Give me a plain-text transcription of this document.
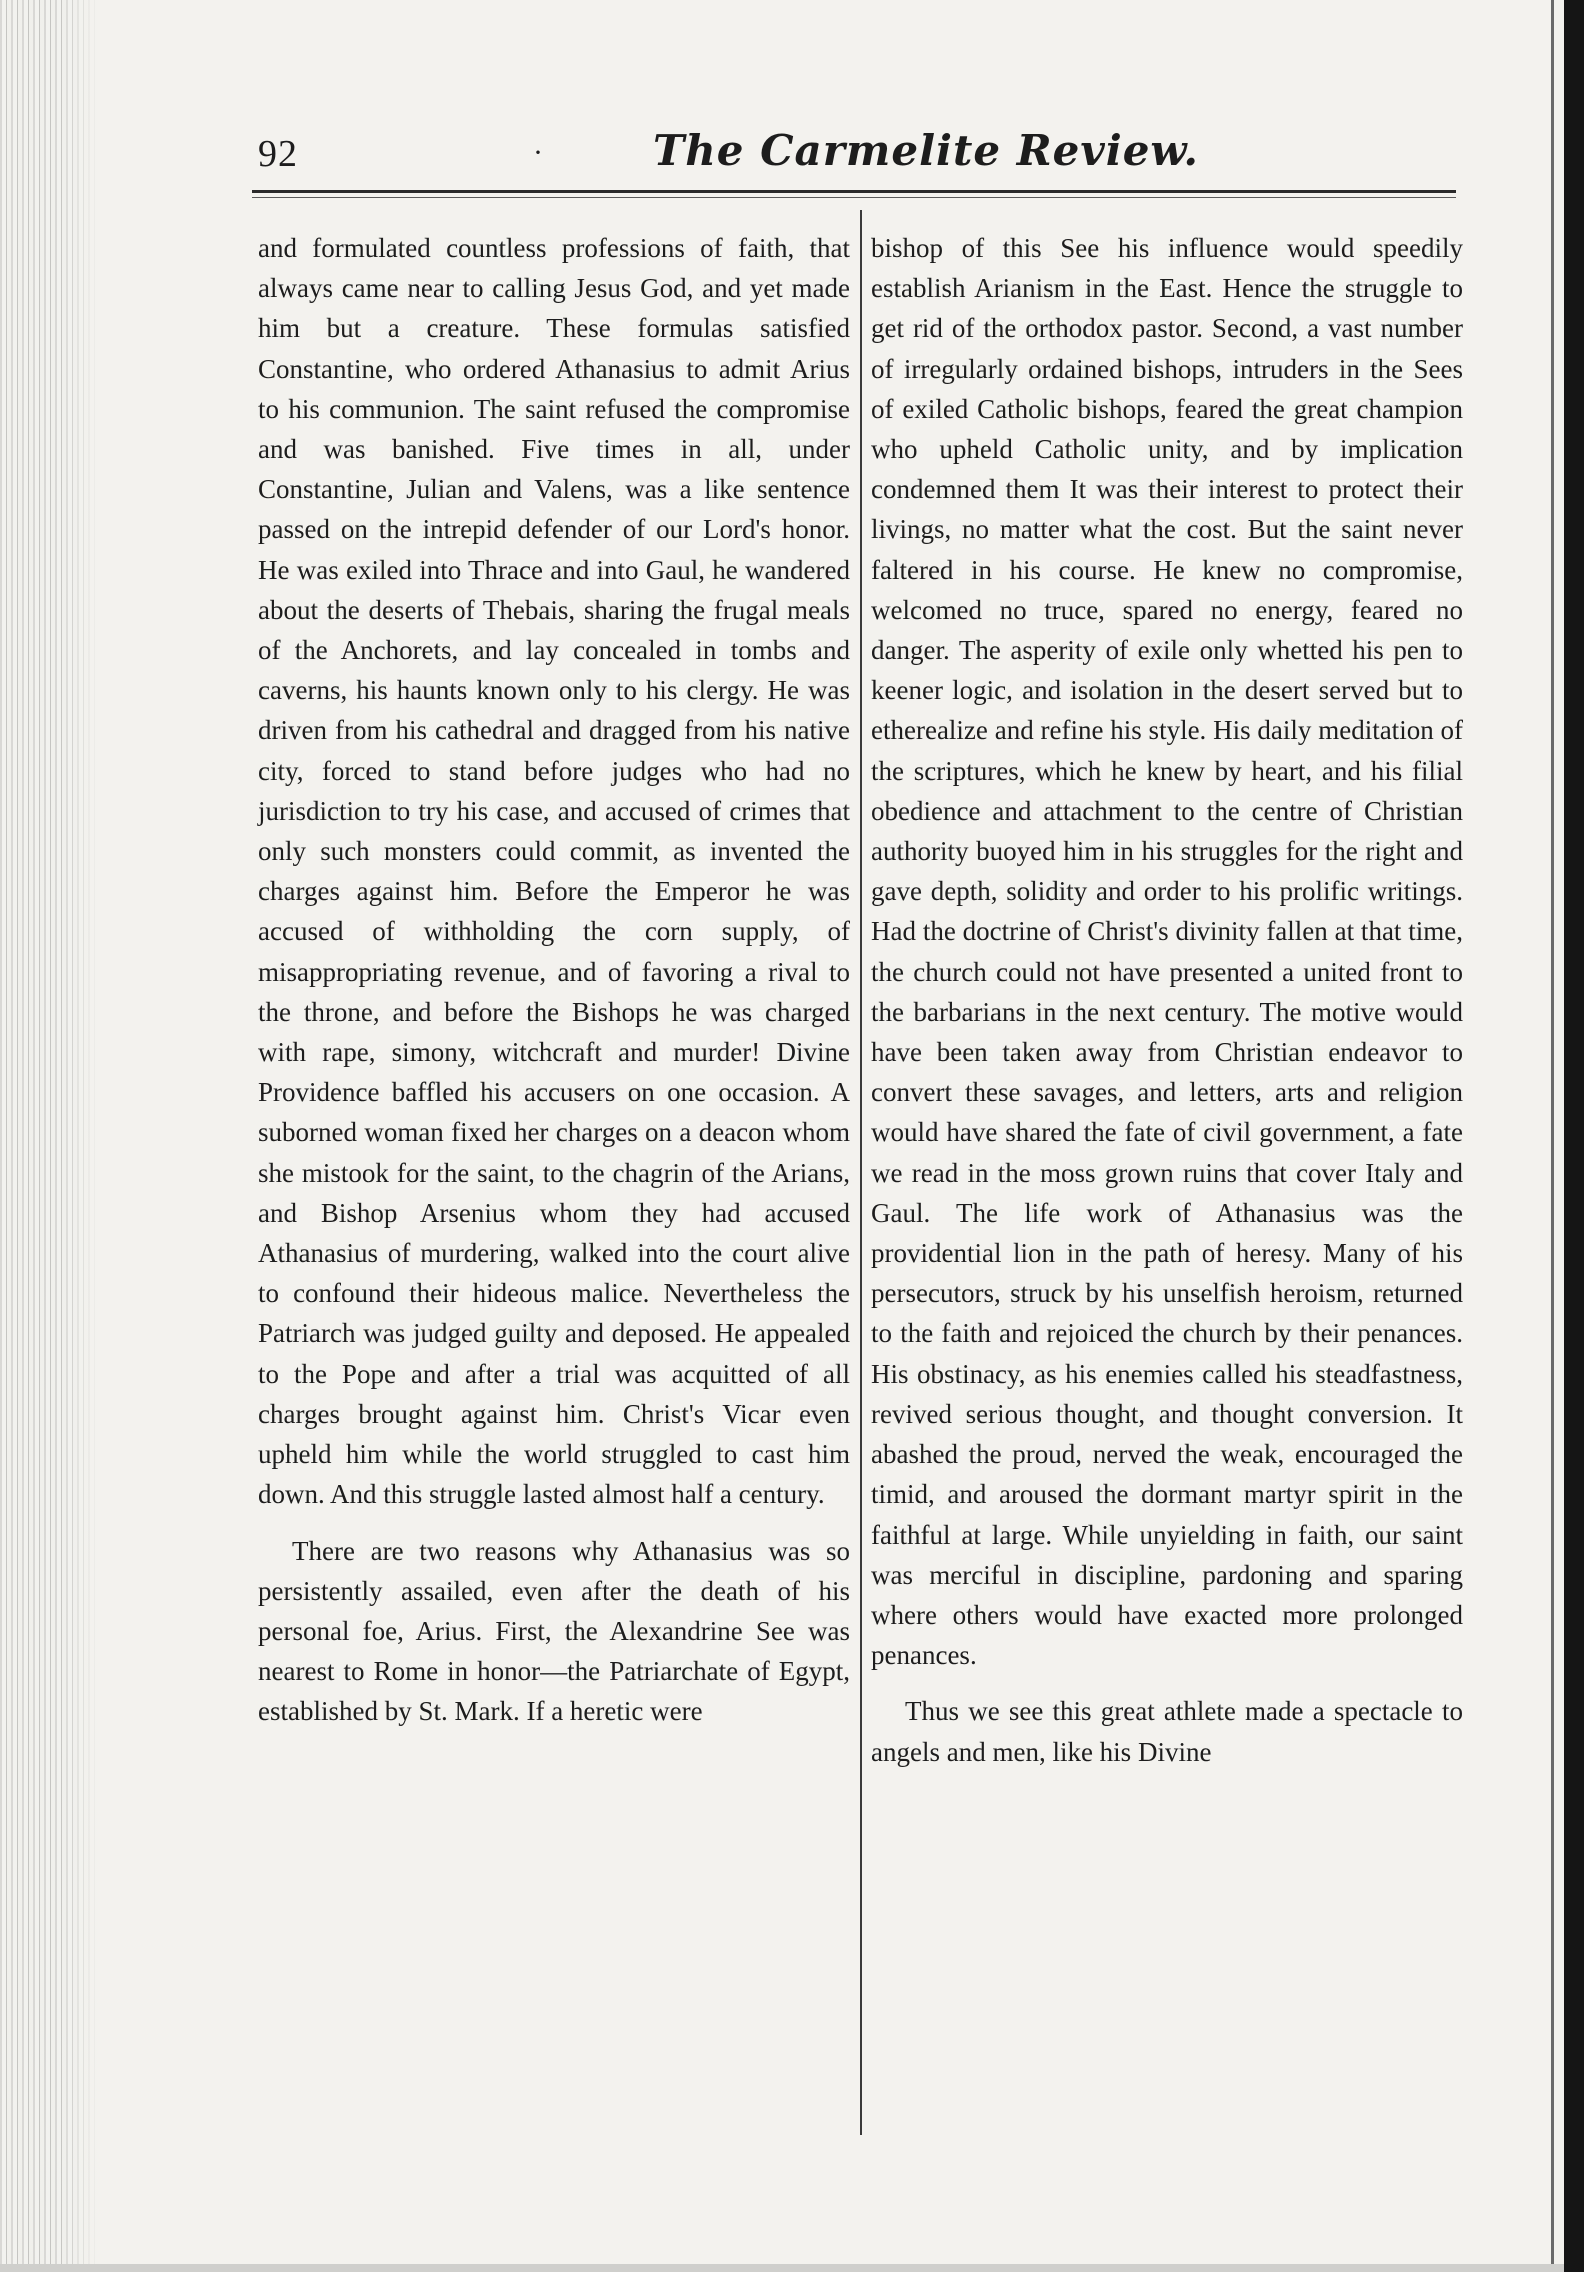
92	·	The Carmelite Review.

and formulated countless professions of faith, that always came near to calling Jesus God, and yet made him but a creature. These formulas satisfied Constantine, who ordered Athanasius to admit Arius to his communion. The saint refused the compromise and was banished. Five times in all, under Constantine, Julian and Valens, was a like sentence passed on the intrepid defender of our Lord's honor. He was exiled into Thrace and into Gaul, he wandered about the deserts of Thebais, sharing the frugal meals of the Anchorets, and lay concealed in tombs and caverns, his haunts known only to his clergy. He was driven from his cathedral and dragged from his native city, forced to stand before judges who had no jurisdiction to try his case, and accused of crimes that only such monsters could commit, as invented the charges against him. Before the Emperor he was accused of withholding the corn supply, of misappropriating revenue, and of favoring a rival to the throne, and before the Bishops he was charged with rape, simony, witchcraft and murder! Divine Providence baffled his accusers on one occasion. A suborned woman fixed her charges on a deacon whom she mistook for the saint, to the chagrin of the Arians, and Bishop Arsenius whom they had accused Athanasius of murdering, walked into the court alive to confound their hideous malice. Nevertheless the Patriarch was judged guilty and deposed. He appealed to the Pope and after a trial was acquitted of all charges brought against him. Christ's Vicar even upheld him while the world struggled to cast him down. And this struggle lasted almost half a century.

There are two reasons why Athanasius was so persistently assailed, even after the death of his personal foe, Arius. First, the Alexandrine See was nearest to Rome in honor—the Patriarchate of Egypt, established by St. Mark. If a heretic were

bishop of this See his influence would speedily establish Arianism in the East. Hence the struggle to get rid of the orthodox pastor. Second, a vast number of irregularly ordained bishops, intruders in the Sees of exiled Catholic bishops, feared the great champion who upheld Catholic unity, and by implication condemned them It was their interest to protect their livings, no matter what the cost. But the saint never faltered in his course. He knew no compromise, welcomed no truce, spared no energy, feared no danger. The asperity of exile only whetted his pen to keener logic, and isolation in the desert served but to etherealize and refine his style. His daily meditation of the scriptures, which he knew by heart, and his filial obedience and attachment to the centre of Christian authority buoyed him in his struggles for the right and gave depth, solidity and order to his prolific writings. Had the doctrine of Christ's divinity fallen at that time, the church could not have presented a united front to the barbarians in the next century. The motive would have been taken away from Christian endeavor to convert these savages, and letters, arts and religion would have shared the fate of civil government, a fate we read in the moss grown ruins that cover Italy and Gaul. The life work of Athanasius was the providential lion in the path of heresy. Many of his persecutors, struck by his unselfish heroism, returned to the faith and rejoiced the church by their penances. His obstinacy, as his enemies called his steadfastness, revived serious thought, and thought conversion. It abashed the proud, nerved the weak, encouraged the timid, and aroused the dormant martyr spirit in the faithful at large. While unyielding in faith, our saint was merciful in discipline, pardoning and sparing where others would have exacted more prolonged penances.

Thus we see this great athlete made a spectacle to angels and men, like his Divine
